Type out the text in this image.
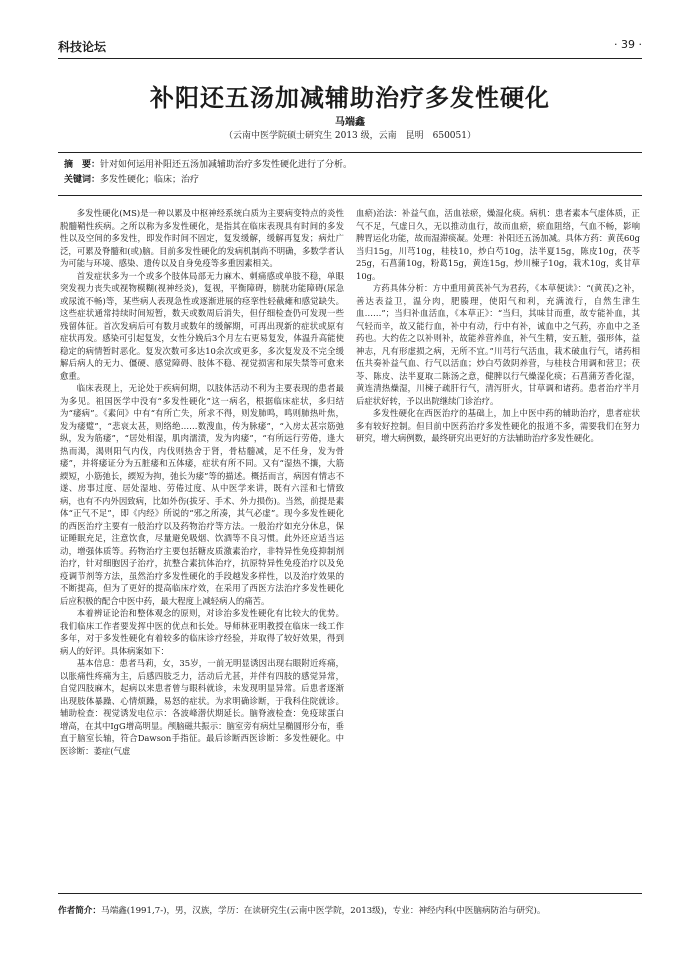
科技论坛	· 39 ·
补阳还五汤加减辅助治疗多发性硬化
马端鑫
（云南中医学院硕士研究生 2013 级，云南　昆明　650051）
摘　要：针对如何运用补阳还五汤加减辅助治疗多发性硬化进行了分析。
关键词：多发性硬化；临床；治疗

多发性硬化(MS)是一种以累及中枢神经系统白质为主要病变特点的炎性脱髓鞘性疾病。之所以称为多发性硬化，是指其在临床表现具有时间的多发性以及空间的多发性，即发作时间不固定，复发缓解，缓解再复发；病灶广泛，可累及脊髓和(或)脑。目前多发性硬化的发病机制尚不明确，多数学者认为可能与环境、感染、遗传以及自身免疫等多重因素相关。

首发症状多为一个或多个肢体局部无力麻木、刺痛感或单肢不稳，单眼突发视力丧失或视物模糊(视神经炎)，复视，平衡障碍，膀胱功能障碍(尿急或尿流不畅)等，某些病人表现急性或逐渐进展的痉挛性轻截瘫和感觉缺失。这些症状通常持续时间短暂，数天或数周后消失，但仔细检查仍可发现一些残留体征。首次发病后可有数月或数年的缓解期，可再出现新的症状或原有症状再发。感染可引起复发，女性分娩后3个月左右更易复发，体温升高能使稳定的病情暂时恶化。复发次数可多达10余次或更多，多次复发及不完全缓解后病人的无力、僵硬、感觉障碍、肢体不稳、视觉损害和尿失禁等可愈来愈重。

临床表现上，无论处于疾病何期，以肢体活动不利为主要表现的患者最为多见。祖国医学中没有“多发性硬化”这一病名，根据临床症状，多归结为“痿病”。《素问》中有“有所亡失，所求不得，则发肺鸣，鸣则肺热叶焦，发为痿躄”，“悲哀太甚，则络绝……数溲血，传为脉痿”，“入房太甚宗筋弛纵，发为筋痿”，“居处相湿，肌肉濡渍，发为肉痿”，“有所远行劳倦，逢大热而渴，渴则阳气内伐，内伐则热舍于肾，骨枯髓减，足不任身，发为骨痿”，并将痿证分为五脏痿和五体痿，症状有所不同。又有“湿热不攘，大筋緛短，小筋弛长，緛短为拘，弛长为痿”等的描述。概括而言，病因有情志不遂、房事过度、居处湿地、劳倦过度、从中医学来讲，既有六淫和七情致病，也有不内外因致病，比如外伤(拔牙、手术、外力损伤)。当然，前提是素体“正气不足”，即《内经》所说的“邪之所凑，其气必虚”。现今多发性硬化的西医治疗主要有一般治疗以及药物治疗等方法。一般治疗如充分休息，保证睡眠充足，注意饮食，尽量避免吸烟、饮酒等不良习惯。此外还应适当运动，增强体质等。药物治疗主要包括糖皮质激素治疗，非特异性免疫抑制剂治疗，针对细胞因子治疗，抗整合素抗体治疗，抗原特异性免疫治疗以及免疫调节剂等方法，虽然治疗多发性硬化的手段越发多样性，以及治疗效果的不断提高，但为了更好的提高临床疗效，在采用了西医方法治疗多发性硬化后应积极的配合中医中药，最大程度上减轻病人的痛苦。

本着辨证论治和整体观念的原则，对诊治多发性硬化有比较大的优势。我们临床工作者要发挥中医的优点和长处。导师林亚明教授在临床一线工作多年，对于多发性硬化有着较多的临床诊疗经验，并取得了较好效果，得到病人的好评。具体病案如下：

基本信息：患者马莉，女，35岁，一前无明显诱因出现右眼附近疼痛，以胀痛性疼痛为主，后感四肢乏力，活动后尤甚，并伴有四肢的感觉异常，自觉四肢麻木，起病以来患者曾与眼科就诊，未发现明显异常。后患者逐渐出现肢体暴躁、心情烦躁，易怒的症状。为求明确诊断，于我科住院就诊。辅助检查：视觉诱发电位示：各波峰潜伏期延长。脑脊液检查：免疫球蛋白增高，在其中IgG增高明显。颅脑磁共振示：脑室旁有病灶呈椭圆形分布，垂直于脑室长轴，符合Dawson手指征。最后诊断西医诊断：多发性硬化。中医诊断：萎症(气虚

血瘀)治法：补益气血，活血祛瘀，燥湿化痰。病机：患者素本气虚体质，正气不足，气虚日久，无以推动血行，故而血瘀，瘀血阻络，气血不畅，影响脾胃运化功能，故而湿滞痰凝。处理：补阳还五汤加减。具体方药：黄芪60g当归15g，川芎10g，桂枝10，炒白芍10g，法半夏15g，陈皮10g，茯苓25g，石菖蒲10g，粉葛15g，黄连15g，炒川楝子10g，栽术10g，炙甘草10g。

方药具体分析：方中重用黄芪补气为君药，《本草便读》：“(黄芪)之补，善达表益卫，温分肉，肥腠理，使阳气和利，充满流行，自然生津生血……”；当归补血活血，《本草正》：“当归，其味甘而重，故专能补血，其气轻而辛，故又能行血，补中有动，行中有补，诚血中之气药，亦血中之圣药也。大约佐之以补则补，故能养营养血，补气生精，安五脏，强形体，益神志，凡有形虚损之病，无所不宜。”川芎行气活血，栽术破血行气，诸药相伍共奏补益气血、行气以活血；炒白芍敛阴养营，与桂枝合用调和营卫；茯苓、陈皮、法半夏取二陈汤之意，健脾以行气燥湿化痰；石菖蒲芳香化湿，黄连清热燥湿，川楝子疏肝行气，清泻肝火，甘草调和诸药。患者治疗半月后症状好转，予以出院继续门诊治疗。

多发性硬化在西医治疗的基础上，加上中医中药的辅助治疗，患者症状多有较好控制。但目前中医药治疗多发性硬化的报道不多，需要我们在努力研究，增大病例数，最终研究出更好的方法辅助治疗多发性硬化。

作者简介：马端鑫(1991,7-)，男，汉族，学历：在读研究生(云南中医学院，2013级)，专业：神经内科(中医脑病防治与研究)。
